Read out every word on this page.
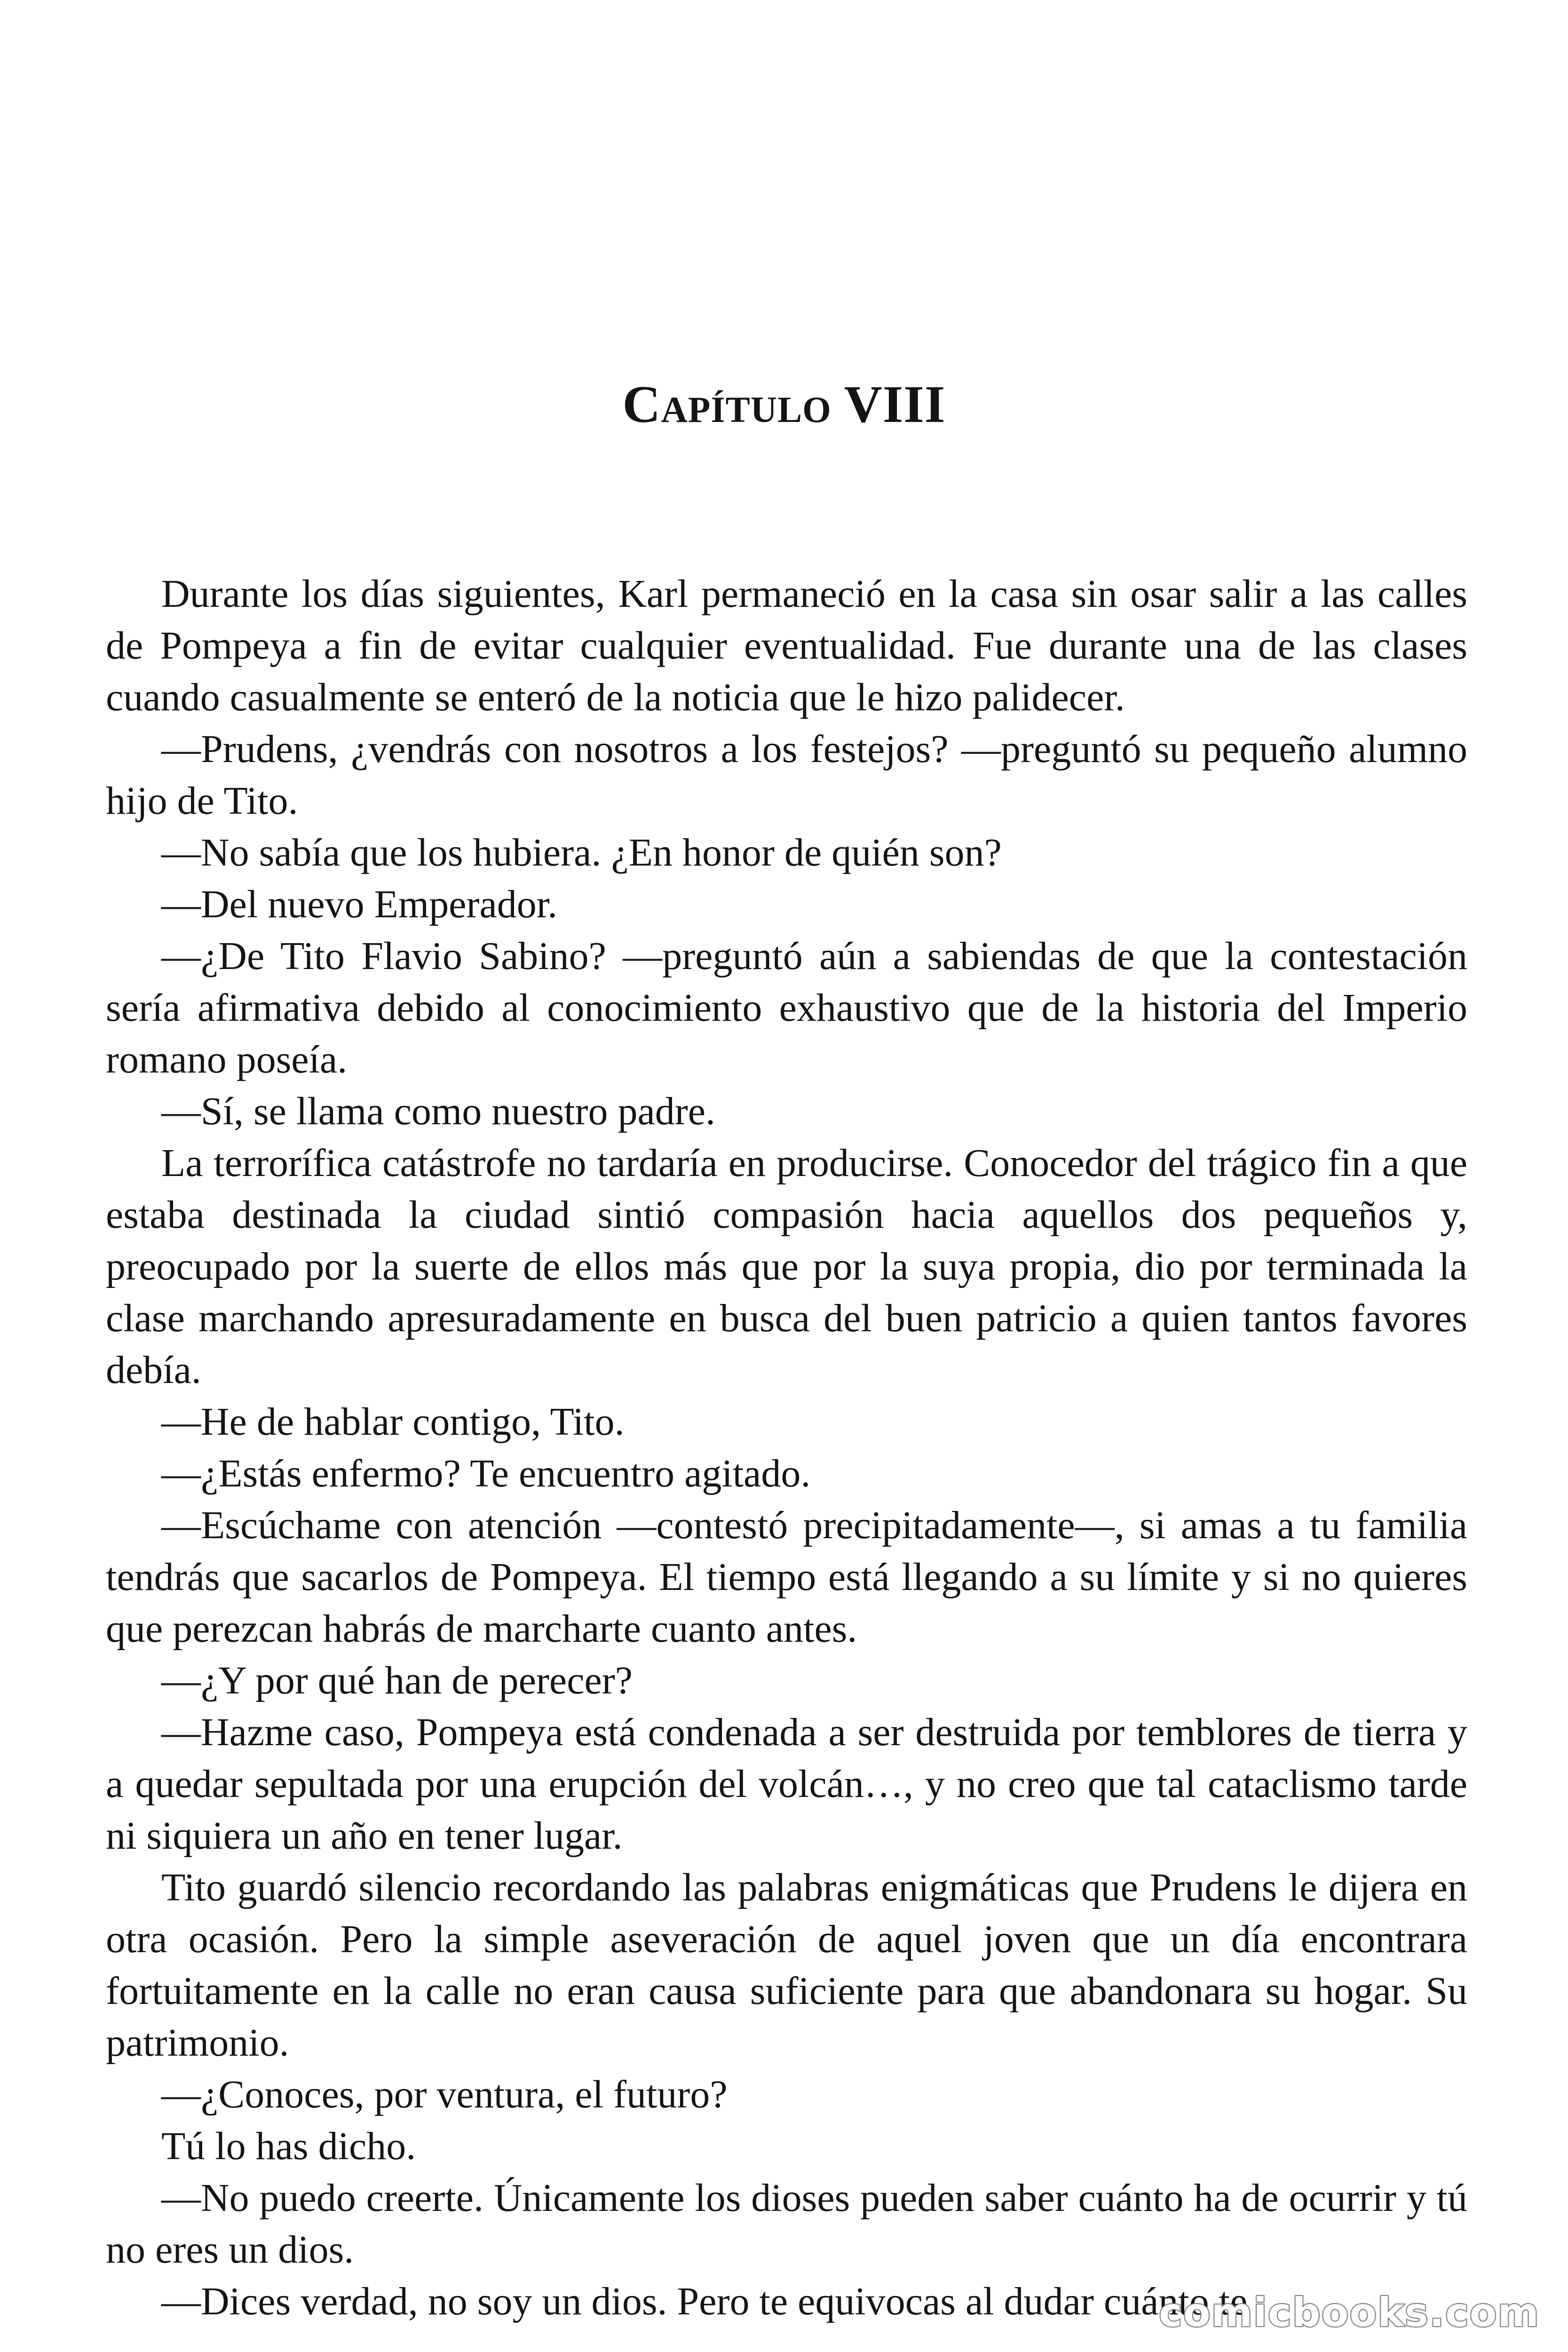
Capítulo VIII

Durante los días siguientes, Karl permaneció en la casa sin osar salir a las calles de Pompeya a fin de evitar cualquier eventualidad. Fue durante una de las clases cuando casualmente se enteró de la noticia que le hizo palidecer.

—Prudens, ¿vendrás con nosotros a los festejos? —preguntó su pequeño alumno hijo de Tito.

—No sabía que los hubiera. ¿En honor de quién son?

—Del nuevo Emperador.

—¿De Tito Flavio Sabino? —preguntó aún a sabiendas de que la contestación sería afirmativa debido al conocimiento exhaustivo que de la historia del Imperio romano poseía.

—Sí, se llama como nuestro padre.

La terrorífica catástrofe no tardaría en producirse. Conocedor del trágico fin a que estaba destinada la ciudad sintió compasión hacia aquellos dos pequeños y, preocupado por la suerte de ellos más que por la suya propia, dio por terminada la clase marchando apresuradamente en busca del buen patricio a quien tantos favores debía.

—He de hablar contigo, Tito.

—¿Estás enfermo? Te encuentro agitado.

—Escúchame con atención —contestó precipitadamente—, si amas a tu familia tendrás que sacarlos de Pompeya. El tiempo está llegando a su límite y si no quieres que perezcan habrás de marcharte cuanto antes.

—¿Y por qué han de perecer?

—Hazme caso, Pompeya está condenada a ser destruida por temblores de tierra y a quedar sepultada por una erupción del volcán…, y no creo que tal cataclismo tarde ni siquiera un año en tener lugar.

Tito guardó silencio recordando las palabras enigmáticas que Prudens le dijera en otra ocasión. Pero la simple aseveración de aquel joven que un día encontrara fortuitamente en la calle no eran causa suficiente para que abandonara su hogar. Su patrimonio.

—¿Conoces, por ventura, el futuro?

Tú lo has dicho.

—No puedo creerte. Únicamente los dioses pueden saber cuánto ha de ocurrir y tú no eres un dios.

—Dices verdad, no soy un dios. Pero te equivocas al dudar cuánto te

comicbooks.com
